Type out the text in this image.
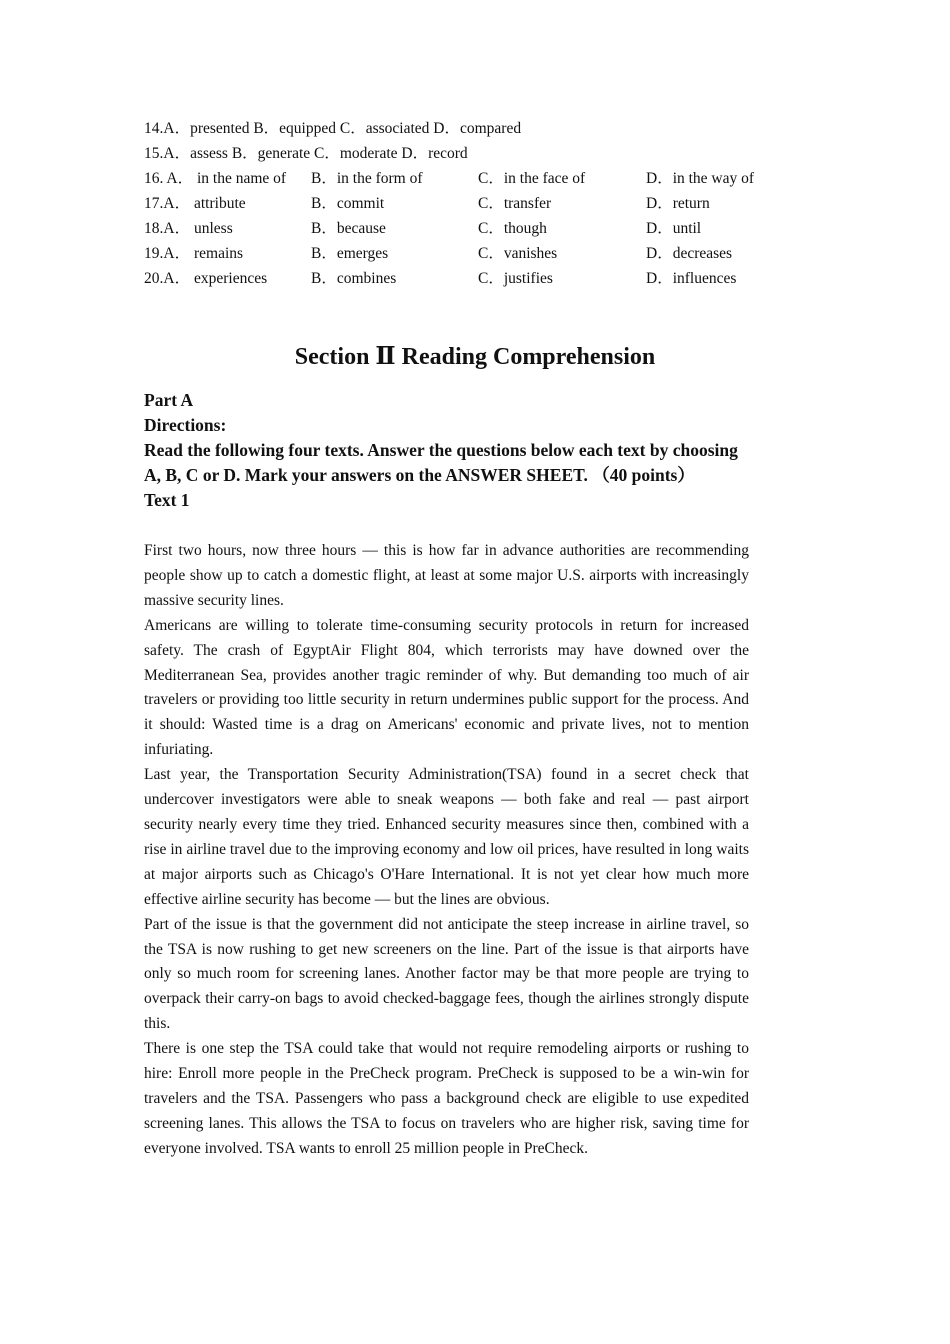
14.A．presented B．equipped C．associated D．compared
15.A．assess B．generate C．moderate D．record
16. A． in the name of B．in the form of	C．in the face of	D．in the way of
17.A． attribute	B．commit	C．transfer	D．return
18.A． unless	B．because	C．though	D．until
19.A． remains	B．emerges	C．vanishes	D．decreases
20.A． experiences	B．combines	C．justifies	D．influences
Section Ⅱ Reading Comprehension
Part A
Directions:
Read the following four texts. Answer the questions below each text by choosing
A, B, C or D. Mark your answers on the ANSWER SHEET. （40 points）
Text 1

First two hours, now three hours — this is how far in advance authorities are recommending people show up to catch a domestic flight, at least at some major U.S. airports with increasingly massive security lines.

Americans are willing to tolerate time-consuming security protocols in return for increased safety. The crash of EgyptAir Flight 804, which terrorists may have downed over the Mediterranean Sea, provides another tragic reminder of why. But demanding too much of air travelers or providing too little security in return undermines public support for the process. And it should: Wasted time is a drag on Americans' economic and private lives, not to mention infuriating.

Last year, the Transportation Security Administration(TSA) found in a secret check that undercover investigators were able to sneak weapons — both fake and real — past airport security nearly every time they tried. Enhanced security measures since then, combined with a rise in airline travel due to the improving economy and low oil prices, have resulted in long waits at major airports such as Chicago's O'Hare International. It is not yet clear how much more effective airline security has become — but the lines are obvious.

Part of the issue is that the government did not anticipate the steep increase in airline travel, so the TSA is now rushing to get new screeners on the line. Part of the issue is that airports have only so much room for screening lanes. Another factor may be that more people are trying to overpack their carry-on bags to avoid checked-baggage fees, though the airlines strongly dispute this.

There is one step the TSA could take that would not require remodeling airports or rushing to hire: Enroll more people in the PreCheck program. PreCheck is supposed to be a win-win for travelers and the TSA. Passengers who pass a background check are eligible to use expedited screening lanes. This allows the TSA to focus on travelers who are higher risk, saving time for everyone involved. TSA wants to enroll 25 million people in PreCheck.
